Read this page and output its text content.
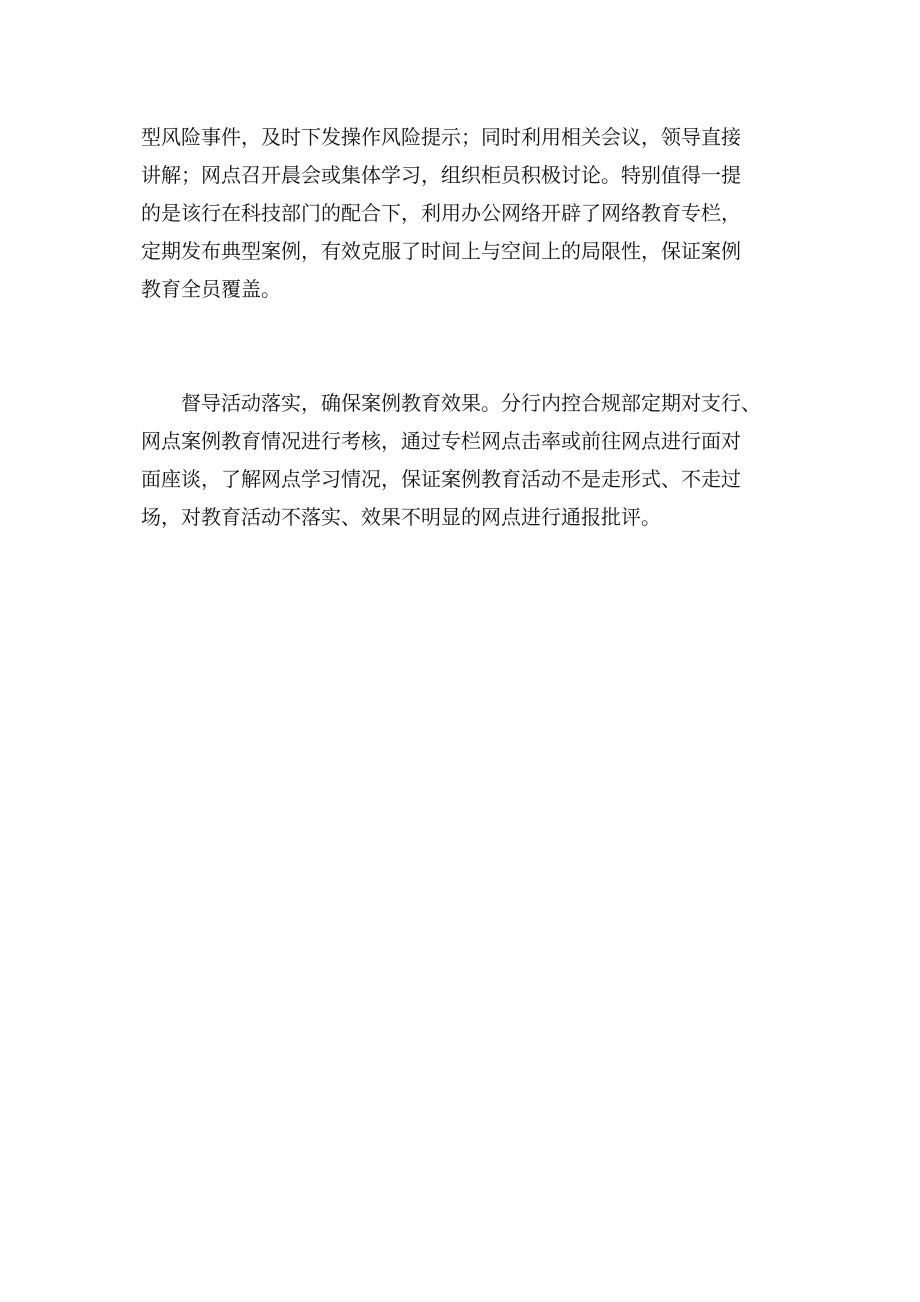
型风险事件，及时下发操作风险提示；同时利用相关会议，领导直接
讲解；网点召开晨会或集体学习，组织柜员积极讨论。特别值得一提
的是该行在科技部门的配合下，利用办公网络开辟了网络教育专栏，
定期发布典型案例，有效克服了时间上与空间上的局限性，保证案例
教育全员覆盖。
　　督导活动落实，确保案例教育效果。分行内控合规部定期对支行、
网点案例教育情况进行考核，通过专栏网点击率或前往网点进行面对
面座谈，了解网点学习情况，保证案例教育活动不是走形式、不走过
场，对教育活动不落实、效果不明显的网点进行通报批评。
